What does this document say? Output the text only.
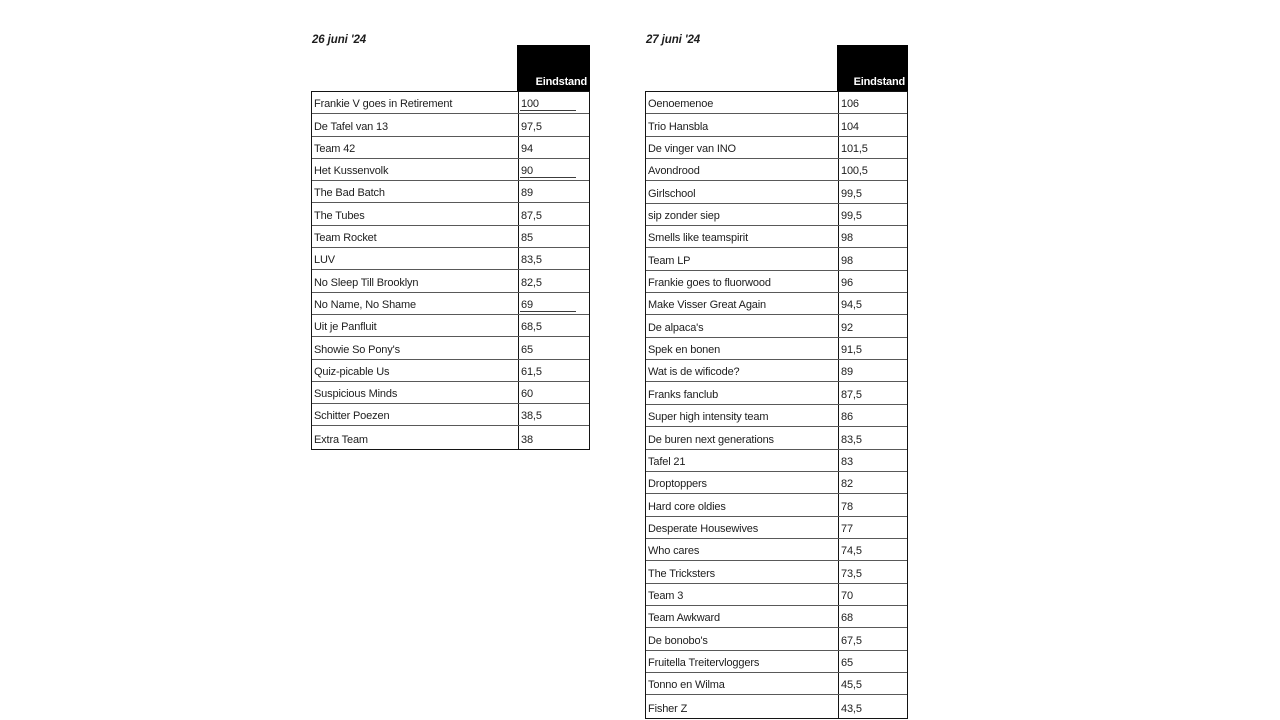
26 juni '24
Eindstand
Frankie V goes in Retirement	100
De Tafel van 13	97,5
Team 42	94
Het Kussenvolk	90
The Bad Batch	89
The Tubes	87,5
Team Rocket	85
LUV	83,5
No Sleep Till Brooklyn	82,5
No Name, No Shame	69
Uit je Panfluit	68,5
Showie So Pony's	65
Quiz-picable Us	61,5
Suspicious Minds	60
Schitter Poezen	38,5
Extra Team	38
27 juni '24
Eindstand
Oenoemenoe	106
Trio Hansbla	104
De vinger van INO	101,5
Avondrood	100,5
Girlschool	99,5
sip zonder siep	99,5
Smells like teamspirit	98
Team LP	98
Frankie goes to fluorwood	96
Make Visser Great Again	94,5
De alpaca's	92
Spek en bonen	91,5
Wat is de wificode?	89
Franks fanclub	87,5
Super high intensity team	86
De buren next generations	83,5
Tafel 21	83
Droptoppers	82
Hard core oldies	78
Desperate Housewives	77
Who cares	74,5
The Tricksters	73,5
Team 3	70
Team Awkward	68
De bonobo's	67,5
Fruitella Treitervloggers	65
Tonno en Wilma	45,5
Fisher Z	43,5
